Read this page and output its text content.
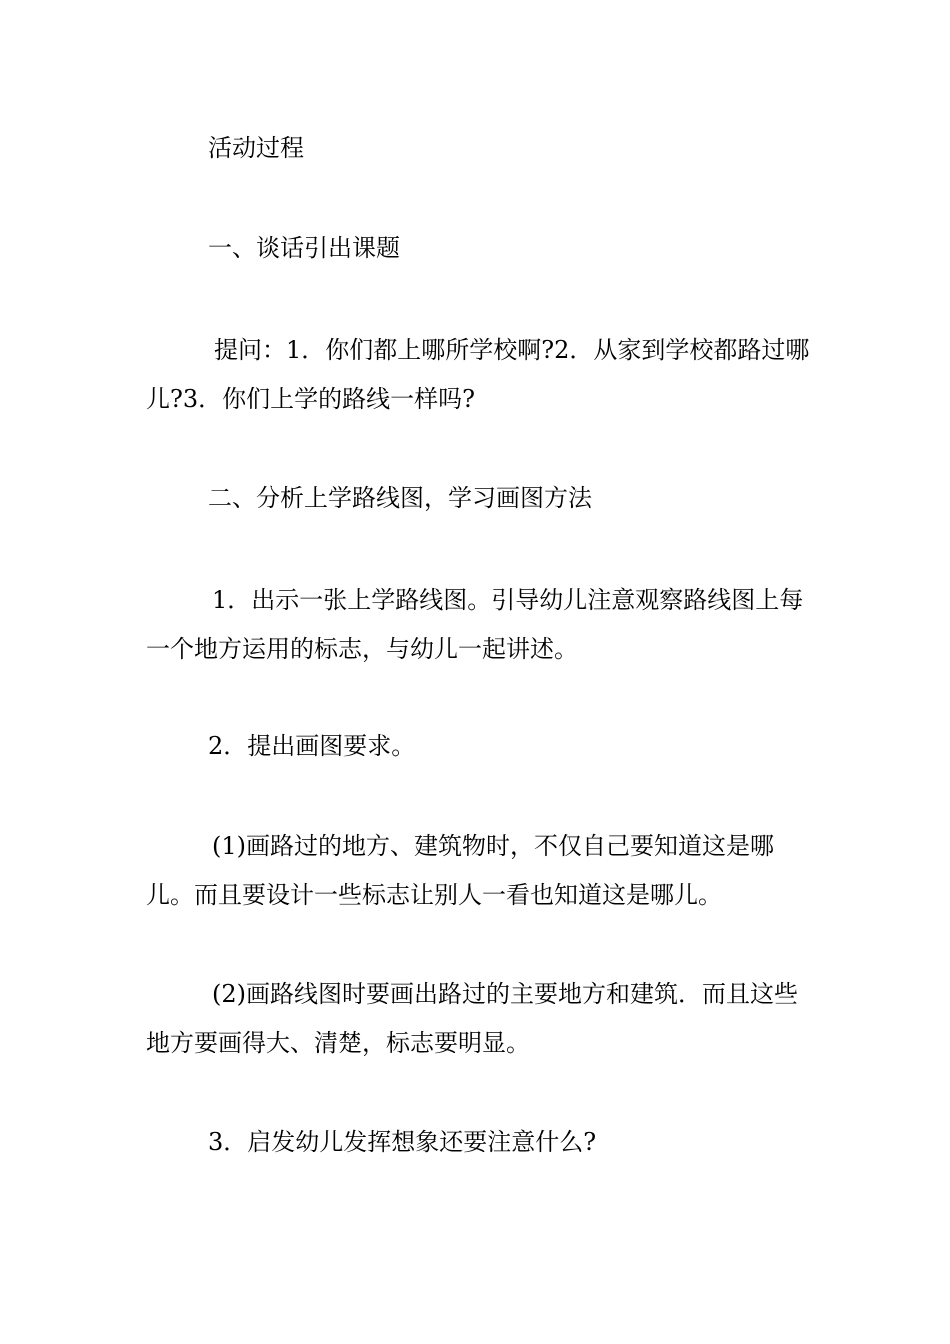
活动过程

一、谈话引出课题

提问：1．你们都上哪所学校啊?2．从家到学校都路过哪儿?3．你们上学的路线一样吗?

二、分析上学路线图，学习画图方法

1．出示一张上学路线图。引导幼儿注意观察路线图上每一个地方运用的标志，与幼儿一起讲述。

2．提出画图要求。

(1)画路过的地方、建筑物时，不仅自己要知道这是哪儿。而且要设计一些标志让别人一看也知道这是哪儿。

(2)画路线图时要画出路过的主要地方和建筑．而且这些地方要画得大、清楚，标志要明显。

3．启发幼儿发挥想象还要注意什么?
